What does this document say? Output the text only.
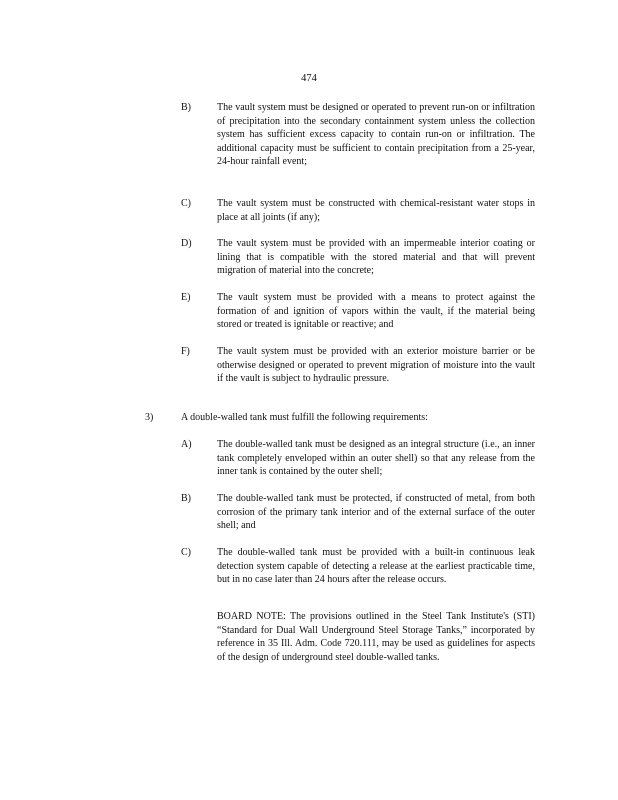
474
B)	The vault system must be designed or operated to prevent run-on or infiltration of precipitation into the secondary containment system unless the collection system has sufficient excess capacity to contain run-on or infiltration. The additional capacity must be sufficient to contain precipitation from a 25-year, 24-hour rainfall event;
C)	The vault system must be constructed with chemical-resistant water stops in place at all joints (if any);
D)	The vault system must be provided with an impermeable interior coating or lining that is compatible with the stored material and that will prevent migration of material into the concrete;
E)	The vault system must be provided with a means to protect against the formation of and ignition of vapors within the vault, if the material being stored or treated is ignitable or reactive; and
F)	The vault system must be provided with an exterior moisture barrier or be otherwise designed or operated to prevent migration of moisture into the vault if the vault is subject to hydraulic pressure.
3)	A double-walled tank must fulfill the following requirements:
A)	The double-walled tank must be designed as an integral structure (i.e., an inner tank completely enveloped within an outer shell) so that any release from the inner tank is contained by the outer shell;
B)	The double-walled tank must be protected, if constructed of metal, from both corrosion of the primary tank interior and of the external surface of the outer shell; and
C)	The double-walled tank must be provided with a built-in continuous leak detection system capable of detecting a release at the earliest practicable time, but in no case later than 24 hours after the release occurs.
BOARD NOTE: The provisions outlined in the Steel Tank Institute's (STI) “Standard for Dual Wall Underground Steel Storage Tanks,” incorporated by reference in 35 Ill. Adm. Code 720.111, may be used as guidelines for aspects of the design of underground steel double-walled tanks.
